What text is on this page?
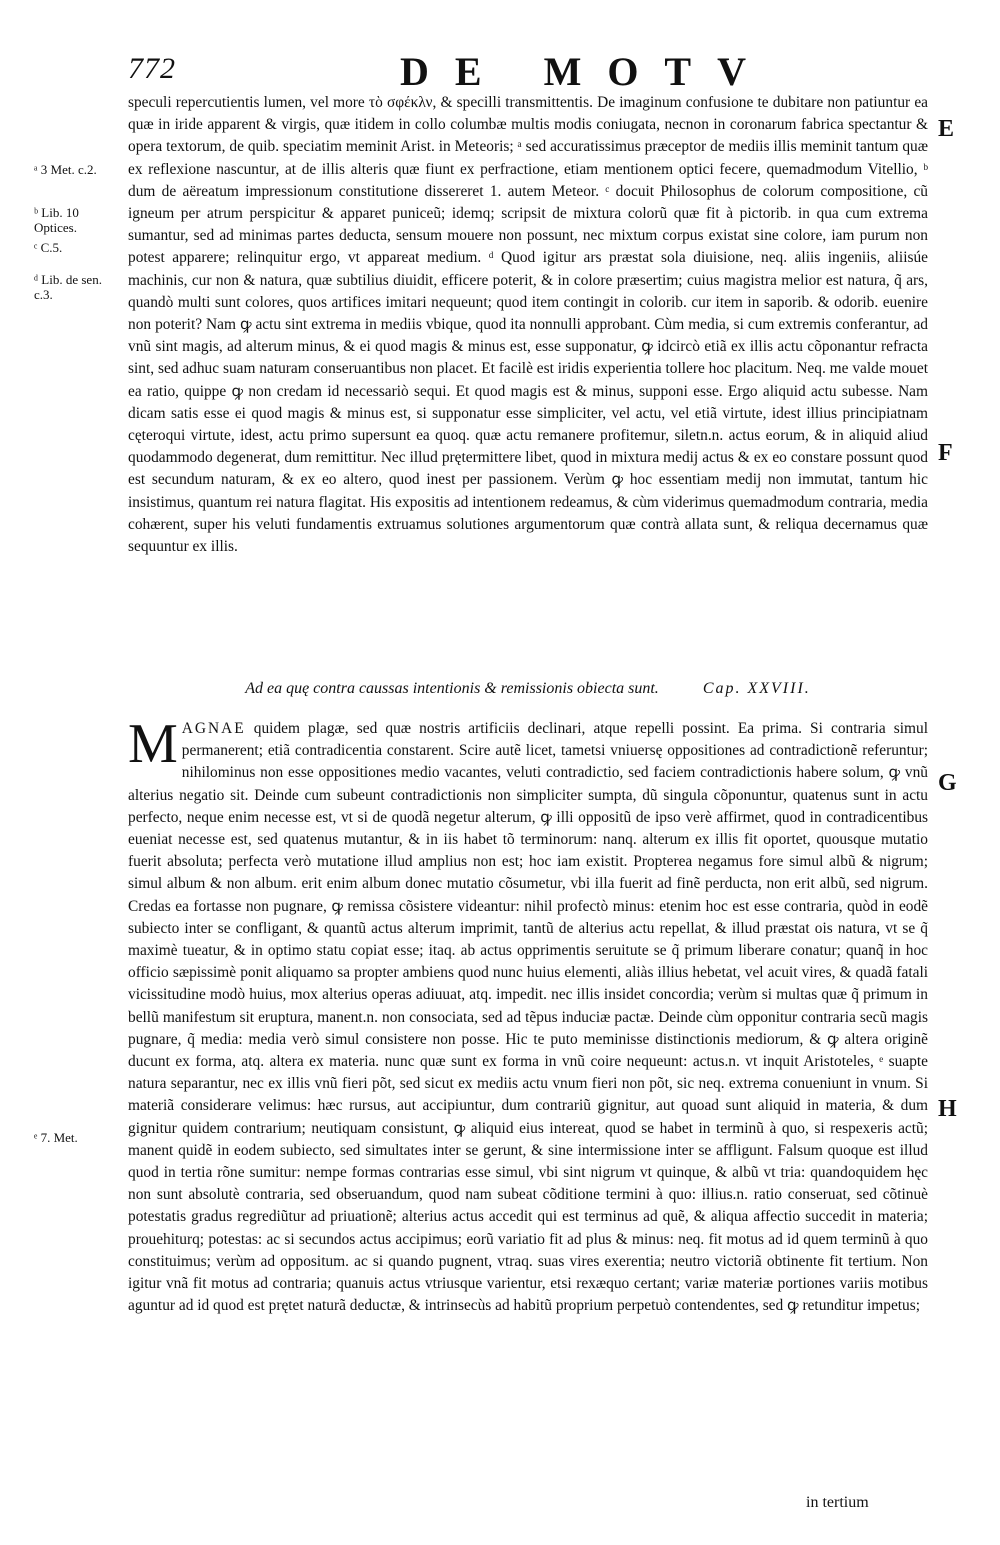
772	DE MOTV

speculi repercutientis lumen, vel more τὸ σφέκλν, & specilli transmittentis. De imaginum confusione te dubitare non patiuntur ea quæ in iride apparent & virgis, quæ itidem in collo columbæ multis modis coniugata, necnon in coronarum fabrica spectantur & opera textorum, de quib. speciatim meminit Arist. in Meteoris; ᵃ sed accuratissimus præceptor de mediis illis meminit tantum quæ ex reflexione nascuntur, at de illis alteris quæ fiunt ex perfractione, etiam mentionem optici fecere, quemadmodum Vitellio, ᵇ dum de aëreatum impressionum constitutione dissereret 1. autem Meteor. ᶜ docuit Philosophus de colorum compositione, cũ igneum per atrum perspicitur & apparet puniceũ; idemq; scripsit de mixtura colorũ quæ fit à pictorib. in qua cum extrema sumantur, sed ad minimas partes deducta, sensum mouere non possunt, nec mixtum corpus existat sine colore, iam purum non potest apparere; relinquitur ergo, vt appareat medium. ᵈ Quod igitur ars præstat sola diuisione, neq. aliis ingeniis, aliisúe machinis, cur non & natura, quæ subtilius diuidit, efficere poterit, & in colore præsertim; cuius magistra melior est natura, q̃ ars, quandò multi sunt colores, quos artifices imitari nequeunt; quod item contingit in colorib. cur item in saporib. & odorib. euenire non poterit? Nam ꝙ actu sint extrema in mediis vbique, quod ita nonnulli approbant. Cùm media, si cum extremis conferantur, ad vnũ sint magis, ad alterum minus, & ei quod magis & minus est, esse supponatur, ꝙ idcircò etiã ex illis actu cõponantur refracta sint, sed adhuc suam naturam conseruantibus non placet. Et facilè est iridis experientia tollere hoc placitum. Neq. me valde mouet ea ratio, quippe ꝙ non credam id necessariò sequi. Et quod magis est & minus, supponi esse. Ergo aliquid actu subesse. Nam dicam satis esse ei quod magis & minus est, si supponatur esse simpliciter, vel actu, vel etiã virtute, idest illius principiatnam cęteroqui virtute, idest, actu primo supersunt ea quoq. quæ actu remanere profitemur, siletn.n. actus eorum, & in aliquid aliud quodammodo degenerat, dum remittitur. Nec illud prętermittere libet, quod in mixtura medij actus & ex eo constare possunt quod est secundum naturam, & ex eo altero, quod inest per passionem. Verùm ꝙ hoc essentiam medij non immutat, tantum hic insistimus, quantum rei natura flagitat. His expositis ad intentionem redeamus, & cùm viderimus quemadmodum contraria, media cohærent, super his veluti fundamentis extruamus solutiones argumentorum quæ contrà allata sunt, & reliqua decernamus quæ sequuntur ex illis.

Ad ea quę contra caussas intentionis & remissionis obiecta sunt.	Cap. XXVIII.
M AGNAE quidem plagæ, sed quæ nostris artificiis declinari, atque repelli possint. Ea prima. Si contraria simul permanerent; etiã contradicentia constarent. Scire autẽ licet, tametsi vniuersę oppositiones ad contradictionẽ referuntur; nihilominus non esse oppositiones medio vacantes, veluti contradictio, sed faciem contradictionis habere solum, ꝙ vnũ alterius negatio sit. Deinde cum subeunt contradictionis non simpliciter sumpta, dũ singula cõponuntur, quatenus sunt in actu perfecto, neque enim necesse est, vt si de quodã negetur alterum, ꝙ illi oppositũ de ipso verè affirmet, quod in contradicentibus eueniat necesse est, sed quatenus mutantur, & in iis habet tõ terminorum: nanq. alterum ex illis fit oportet, quousque mutatio fuerit absoluta; perfecta verò mutatione illud amplius non est; hoc iam existit. Propterea negamus fore simul albũ & nigrum; simul album & non album. erit enim album donec mutatio cõsumetur, vbi illa fuerit ad finẽ perducta, non erit albũ, sed nigrum. Credas ea fortasse non pugnare, ꝙ remissa cõsistere videantur: nihil profectò minus: etenim hoc est esse contraria, quòd in eodẽ subiecto inter se confligant, & quantũ actus alterum imprimit, tantũ de alterius actu repellat, & illud præstat ois natura, vt se q̃ maximè tueatur, & in optimo statu copiat esse; itaq. ab actus opprimentis seruitute se q̃ primum liberare conatur; quanq̃ in hoc officio sæpissimè ponit aliquamo sa propter ambiens quod nunc huius elementi, aliàs illius hebetat, vel acuit vires, & quadã fatali vicissitudine modò huius, mox alterius operas adiuuat, atq. impedit. nec illis insidet concordia; verùm si multas quæ q̃ primum in bellũ manifestum sit eruptura, manent.n. non consociata, sed ad tẽpus induciæ pactæ. Deinde cùm opponitur contraria secũ magis pugnare, q̃ media: media verò simul consistere non posse. Hic te puto meminisse distinctionis mediorum, & ꝙ altera originẽ ducunt ex forma, atq. altera ex materia. nunc quæ sunt ex forma in vnũ coire nequeunt: actus.n. vt inquit Aristoteles, ᵉ suapte natura separantur, nec ex illis vnũ fieri põt, sed sicut ex mediis actu vnum fieri non põt, sic neq. extrema conueniunt in vnum. Si materiã considerare velimus: hæc rursus, aut accipiuntur, dum contrariũ gignitur, aut quoad sunt aliquid in materia, & dum gignitur quidem contrarium; neutiquam consistunt, ꝙ aliquid eius intereat, quod se habet in terminũ à quo, si respexeris actũ; manent quidẽ in eodem subiecto, sed simultates inter se gerunt, & sine intermissione inter se affligunt. Falsum quoque est illud quod in tertia rõne sumitur: nempe formas contrarias esse simul, vbi sint nigrum vt quinque, & albũ vt tria: quandoquidem hęc non sunt absolutè contraria, sed obseruandum, quod nam subeat cõditione termini à quo: illius.n. ratio conseruat, sed cõtinuè potestatis gradus regrediũtur ad priuationẽ; alterius actus accedit qui est terminus ad quẽ, & aliqua affectio succedit in materia; prouehiturq; potestas: ac si secundos actus accipimus; eorũ variatio fit ad plus & minus: neq. fit motus ad id quem terminũ à quo constituimus; verùm ad oppositum. ac si quando pugnent, vtraq. suas vires exerentia; neutro victoriã obtinente fit tertium. Non igitur vnã fit motus ad contraria; quanuis actus vtriusque varientur, etsi rexæquo certant; variæ materiæ portiones variis motibus aguntur ad id quod est prętet naturã deductæ, & intrinsecùs ad habitũ proprium perpetuò contendentes, sed ꝙ retunditur impetus;

ᵃ 3 Met. c.2.
ᵇ Lib. 10 Optices.
ᶜ C.5.
ᵈ Lib. de sen. c.3.
ᵉ 7. Met.
E
F
G
H
in tertium
